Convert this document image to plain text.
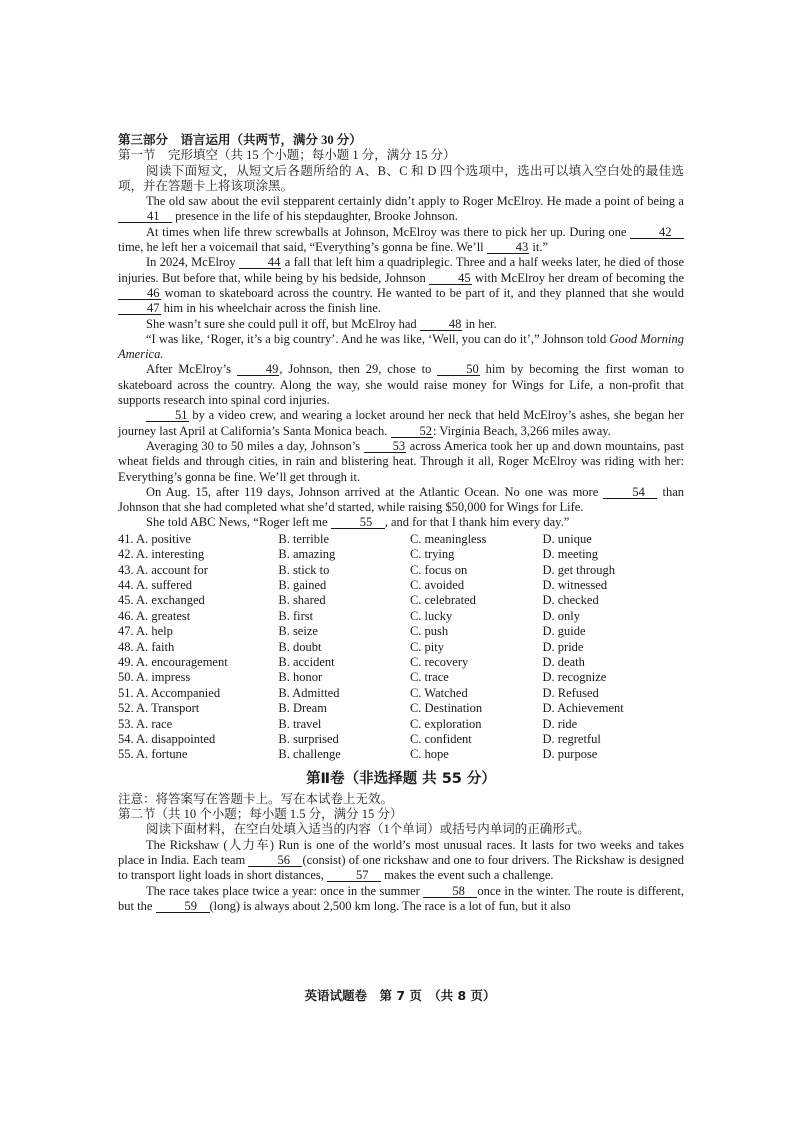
第三部分　语言运用（共两节，满分 30 分）

第一节　完形填空（共 15 个小题；每小题 1 分，满分 15 分）

阅读下面短文，从短文后各题所给的 A、B、C 和 D 四个选项中，选出可以填入空白处的最佳选项，并在答题卡上将该项涂黑。

The old saw about the evil stepparent certainly didn’t apply to Roger McElroy. He made a point of being a 41 presence in the life of his stepdaughter, Brooke Johnson.

At times when life threw screwballs at Johnson, McElroy was there to pick her up. During one	42 time, he left her a voicemail that said, “Everything’s gonna be fine. We’ll	43 it.”

In 2024, McElroy	44 a fall that left him a quadriplegic. Three and a half weeks later, he died of those injuries. But before that, while being by his bedside, Johnson	45 with McElroy her dream of becoming the 46 woman to skateboard across the country. He wanted to be part of it, and they planned that she would 47 him in his wheelchair across the finish line.

She wasn’t sure she could pull it off, but McElroy had	48 in her.

“I was like, ‘Roger, it’s a big country’. And he was like, ‘Well, you can do it’,” Johnson told Good Morning America.

After McElroy’s	49, Johnson, then 29, chose to	50 him by becoming the first woman to skateboard across the country. Along the way, she would raise money for Wings for Life, a non-profit that supports research into spinal cord injuries.

51 by a video crew, and wearing a locket around her neck that held McElroy’s ashes, she began her journey last April at California’s Santa Monica beach.	52: Virginia Beach, 3,266 miles away.

Averaging 30 to 50 miles a day, Johnson’s	53 across America took her up and down mountains, past wheat fields and through cities, in rain and blistering heat. Through it all, Roger McElroy was riding with her: Everything’s gonna be fine. We’ll get through it.

On Aug. 15, after 119 days, Johnson arrived at the Atlantic Ocean. No one was more	54 than Johnson that she had completed what she’d started, while raising $50,000 for Wings for Life.

She told ABC News, “Roger left me	55 , and for that I thank him every day.”

41. A. positive	B. terrible	C. meaningless	D. unique
42. A. interesting	B. amazing	C. trying	D. meeting
43. A. account for	B. stick to	C. focus on	D. get through
44. A. suffered	B. gained	C. avoided	D. witnessed
45. A. exchanged	B. shared	C. celebrated	D. checked
46. A. greatest	B. first	C. lucky	D. only
47. A. help	B. seize	C. push	D. guide
48. A. faith	B. doubt	C. pity	D. pride
49. A. encouragement	B. accident	C. recovery	D. death
50. A. impress	B. honor	C. trace	D. recognize
51. A. Accompanied	B. Admitted	C. Watched	D. Refused
52. A. Transport	B. Dream	C. Destination	D. Achievement
53. A. race	B. travel	C. exploration	D. ride
54. A. disappointed	B. surprised	C. confident	D. regretful
55. A. fortune	B. challenge	C. hope	D. purpose

第Ⅱ卷（非选择题 共 55 分）

注意：将答案写在答题卡上。写在本试卷上无效。

第二节（共 10 个小题；每小题 1.5 分，满分 15 分）

阅读下面材料，在空白处填入适当的内容（1个单词）或括号内单词的正确形式。

The Rickshaw (人力车) Run is one of the world’s most unusual races. It lasts for two weeks and takes place in India. Each team	56 (consist) of one rickshaw and one to four drivers. The Rickshaw is designed to transport light loads in short distances,	57 makes the event such a challenge.

The race takes place twice a year: once in the summer	58 once in the winter. The route is different, but the	59 (long) is always about 2,500 km long. The race is a lot of fun, but it also

英语试题卷　第 7 页　（共 8 页）
